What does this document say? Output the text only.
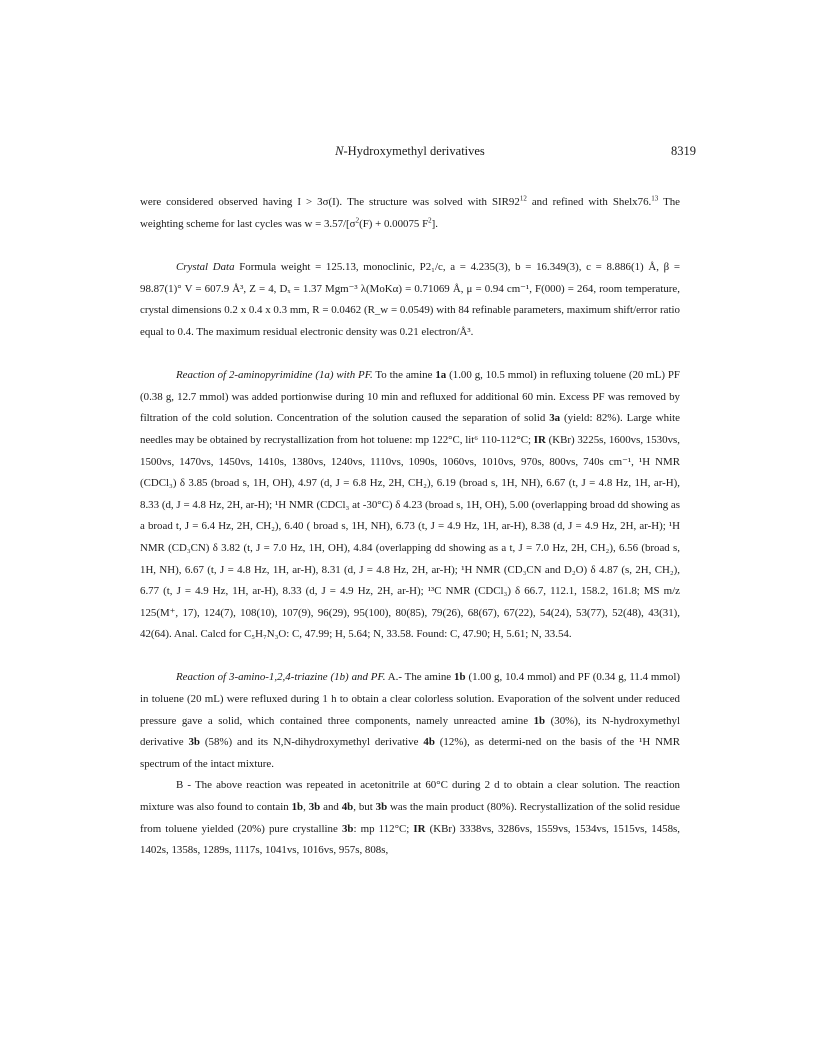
N-Hydroxymethyl derivatives	8319

were considered observed having I > 3σ(I). The structure was solved with $SIR92^{12}$ and refined with Shelx76.13 The weighting scheme for last cycles was $w = 3.57/[\sigma^2(F) + 0.00075$ $F^2$].

Crystal Data Formula weight = 125.13, monoclinic, P2₁/c, a = 4.235(3), b = 16.349(3), c = 8.886(1) Å, β = 98.87(1)° V = 607.9 Å³, Z = 4, Dₓ = 1.37 Mgm⁻³ λ(MoKα) = 0.71069 Å, μ = 0.94 cm⁻¹, F(000) = 264, room temperature, crystal dimensions 0.2 x 0.4 x 0.3 mm, R = 0.0462 (R_w = 0.0549) with 84 refinable parameters, maximum shift/error ratio equal to 0.4. The maximum residual electronic density was 0.21 electron/Å³.

Reaction of 2-aminopyrimidine (1a) with PF. To the amine 1a (1.00 g, 10.5 mmol) in refluxing toluene (20 mL) PF (0.38 g, 12.7 mmol) was added portionwise during 10 min and refluxed for additional 60 min. Excess PF was removed by filtration of the cold solution. Concentration of the solution caused the separation of solid 3a (yield: 82%). Large white needles may be obtained by recrystallization from hot toluene: mp 122°C, lit⁶ 110-112°C; IR (KBr) 3225s, 1600vs, 1530vs, 1500vs, 1470vs, 1450vs, 1410s, 1380vs, 1240vs, 1110vs, 1090s, 1060vs, 1010vs, 970s, 800vs, 740s cm⁻¹, ¹H NMR (CDCl₃) δ 3.85 (broad s, 1H, OH), 4.97 (d, J = 6.8 Hz, 2H, CH₂), 6.19 (broad s, 1H, NH), 6.67 (t, J = 4.8 Hz, 1H, ar-H), 8.33 (d, J = 4.8 Hz, 2H, ar-H); ¹H NMR (CDCl₃ at -30°C) δ 4.23 (broad s, 1H, OH), 5.00 (overlapping broad dd showing as a broad t, J = 6.4 Hz, 2H, CH₂), 6.40 ( broad s, 1H, NH), 6.73 (t, J = 4.9 Hz, 1H, ar-H), 8.38 (d, J = 4.9 Hz, 2H, ar-H); ¹H NMR (CD₃CN) δ 3.82 (t, J = 7.0 Hz, 1H, OH), 4.84 (overlapping dd showing as a t, J = 7.0 Hz, 2H, CH₂), 6.56 (broad s, 1H, NH), 6.67 (t, J = 4.8 Hz, 1H, ar-H), 8.31 (d, J = 4.8 Hz, 2H, ar-H); ¹H NMR (CD₃CN and D₂O) δ 4.87 (s, 2H, CH₂), 6.77 (t, J = 4.9 Hz, 1H, ar-H), 8.33 (d, J = 4.9 Hz, 2H, ar-H); ¹³C NMR (CDCl₃) δ 66.7, 112.1, 158.2, 161.8; MS m/z 125(M⁺, 17), 124(7), 108(10), 107(9), 96(29), 95(100), 80(85), 79(26), 68(67), 67(22), 54(24), 53(77), 52(48), 43(31), 42(64). Anal. Calcd for C₅H₇N₃O: C, 47.99; H, 5.64; N, 33.58. Found: C, 47.90; H, 5.61; N, 33.54.

Reaction of 3-amino-1,2,4-triazine (1b) and PF. A.- The amine 1b (1.00 g, 10.4 mmol) and PF (0.34 g, 11.4 mmol) in toluene (20 mL) were refluxed during 1 h to obtain a clear colorless solution. Evaporation of the solvent under reduced pressure gave a solid, which contained three components, namely unreacted amine 1b (30%), its N-hydroxymethyl derivative 3b (58%) and its N,N-dihydroxymethyl derivative 4b (12%), as determi-ned on the basis of the ¹H NMR spectrum of the intact mixture.

B - The above reaction was repeated in acetonitrile at 60°C during 2 d to obtain a clear solution. The reaction mixture was also found to contain 1b, 3b and 4b, but 3b was the main product (80%). Recrystallization of the solid residue from toluene yielded (20%) pure crystalline 3b: mp 112°C; IR (KBr) 3338vs, 3286vs, 1559vs, 1534vs, 1515vs, 1458s, 1402s, 1358s, 1289s, 1117s, 1041vs, 1016vs, 957s, 808s,
